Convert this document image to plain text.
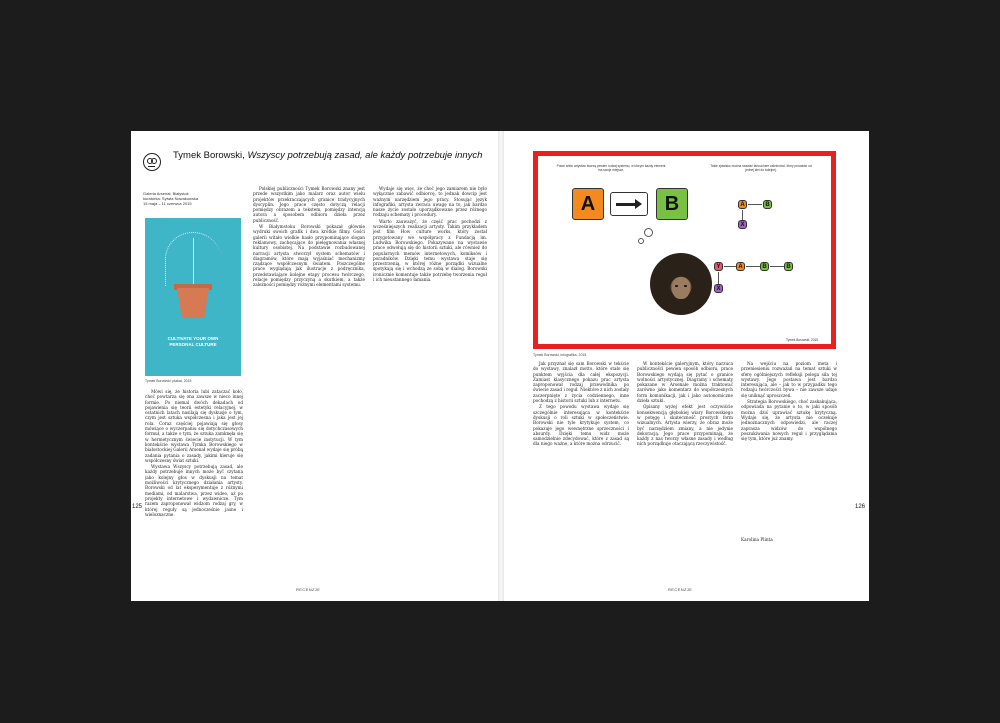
Tymek Borowski, Wszyscy potrzebują zasad, ale każdy potrzebuje innych
Galeria Arsenał, Białystok
kuratorka: Sylwia Nowakowska
15 maja – 11 czerwca 2015
CULTIVATE YOUR OWN PERSONAL CULTURE
Tymek Borowski, plakat, 2015

Mówi się, że historia lubi zataczać koło, choć powtarza się ona zawsze w nieco innej formie. Po niemal dwóch dekadach od pojawienia się teorii estetyki relacyjnej, w ostatnich latach nasilają się dyskusje o tym, czym jest sztuka współczesna i jaka jest jej rola. Coraz częściej pojawiają się głosy mówiące o wyczerpaniu się dotychczasowych formuł, a także o tym, że sztuka zamknęła się w hermetycznym świecie instytucji. W tym kontekście wystawa Tymka Borowskiego w białostockiej Galerii Arsenał wydaje się próbą zadania pytania o zasady, jakimi kieruje się współczesny świat sztuki.

Wystawa Wszyscy potrzebują zasad, ale każdy potrzebuje innych może być czytana jako kolejny głos w dyskusji na temat możliwości krytycznego działania artysty. Borowski od lat eksperymentuje z różnymi mediami, od malarstwa, przez wideo, aż po projekty internetowe i wydawnicze. Tym razem zaproponował widzom rodzaj gry, w której reguły są jednocześnie jasne i wieloznaczne.

Polskiej publiczności Tymek Borowski znany jest przede wszystkim jako malarz oraz autor wielu projektów przekraczających granice tradycyjnych dyscyplin. Jego prace często dotyczą relacji pomiędzy obrazem a tekstem, pomiędzy intencją autora a sposobem odbioru dzieła przez publiczność.

W Białymstoku Borowski pokazał głównie wydruki swoich grafik i dwa krótkie filmy. Gości galerii witało wielkie hasło przypominające slogan reklamowy, zachęcające do pielęgnowania własnej kultury osobistej. Na podstawie rozbudowanej narracji artysta stworzył system schematów i diagramów, które mają wyjaśniać mechanizmy rządzące współczesnym światem. Poszczególne prace wyglądają jak ilustracje z podręcznika, przedstawiające kolejne etapy procesu twórczego, relacje pomiędzy przyczyną a skutkiem, a także zależności pomiędzy różnymi elementami systemu.

Wydaje się więc, że choć jego zamiarem nie było wyłącznie zabawić odbiorcę, to jednak dowcip jest ważnym narzędziem jego pracy. Stosując język infografiki, artysta zwraca uwagę na to, jak bardzo nasze życie zostało uporządkowane przez różnego rodzaju schematy i procedury.

Warto zauważyć, że część prac pochodzi z wcześniejszych realizacji artysty. Takim przykładem jest film How culture works, który został przygotowany we współpracy z Fundacją im. Ludwika Borowskiego. Pokazywane na wystawie prace odwołują się do historii sztuki, ale również do popularnych memów internetowych, komiksów i poradników. Dzięki temu wystawa staje się przestrzenią, w której różne porządki wizualne spotykają się i wchodzą ze sobą w dialog. Borowski ironicznie komentuje także potrzebę tworzenia reguł i ich nieustannego łamania.

125
RECENZJE
Prace wielu artystów tworzą pewien rodzaj systemu, w którym każdy element ma swoje miejsce.
Takie zjawisko można nazwać łańcuchem zależności, który prowadzi od jednej idei do kolejnej.
A	B	A	B
X
Y	A	B	B
X
Tymek Borowski, 2015
Tymek Borowski, infografika, 2015

Jak przyznał się sam Borowski w tekście do wystawy, znalazł motto, które stało się punktem wyjścia dla całej ekspozycji. Zamiast klasycznego pokazu prac artysta zaproponował rodzaj przewodnika po świecie zasad i reguł. Niektóre z nich zostały zaczerpnięte z życia codziennego, inne pochodzą z historii sztuki lub z internetu.

Z tego powodu wystawa wydaje się szczególnie interesująca w kontekście dyskusji o roli sztuki w społeczeństwie. Borowski nie tyle krytykuje system, co pokazuje jego wewnętrzne sprzeczności i absurdy. Dzięki temu widz może samodzielnie zdecydować, które z zasad są dla niego ważne, a które można odrzucić.

W kontekście galeryjnym, który narzuca publiczności pewien sposób odbioru, prace Borowskiego wydają się pytać o granice wolności artystycznej. Diagramy i schematy pokazane w Arsenale można traktować zarówno jako komentarz do współczesnych form komunikacji, jak i jako autonomiczne dzieła sztuki.

Opisany wyżej efekt jest oczywiście konsekwencją głębokiej wiary Borowskiego w potęgę i skuteczność prostych form wizualnych. Artysta wierzy, że obraz może być narzędziem zmiany, a nie jedynie dekoracją. Jego prace przypominają, że każdy z nas tworzy własne zasady i według nich porządkuje otaczającą rzeczywistość.

Na wejściu na poziom meta i przeniesieniu rozważań na temat sztuki w sferę ogólniejszych refleksji polega siła tej wystawy. Jego postawa jest bardzo interesująca, ale – jak to w przypadku tego rodzaju twórczości bywa – nie zawsze udaje się uniknąć uproszczeń.

Strategia Borowskiego, choć zaskakująca, odpowiada na pytanie o to, w jaki sposób można dziś uprawiać sztukę krytyczną. Wydaje się, że artysta nie oczekuje jednoznacznych odpowiedzi, ale raczej zaprasza widzów do wspólnego poszukiwania nowych reguł i przyglądania się tym, które już znamy.

Karolina Plinta
126
RECENZJE
